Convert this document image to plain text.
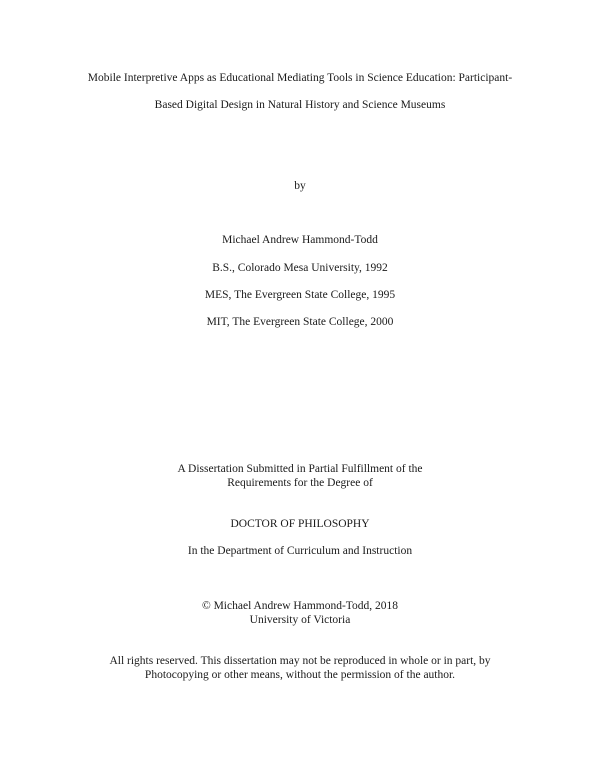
Mobile Interpretive Apps as Educational Mediating Tools in Science Education: Participant-
Based Digital Design in Natural History and Science Museums
by
Michael Andrew Hammond-Todd
B.S., Colorado Mesa University, 1992
MES, The Evergreen State College, 1995
MIT, The Evergreen State College, 2000
A Dissertation Submitted in Partial Fulfillment of the
Requirements for the Degree of
DOCTOR OF PHILOSOPHY
In the Department of Curriculum and Instruction
© Michael Andrew Hammond-Todd, 2018
University of Victoria
All rights reserved. This dissertation may not be reproduced in whole or in part, by
Photocopying or other means, without the permission of the author.
